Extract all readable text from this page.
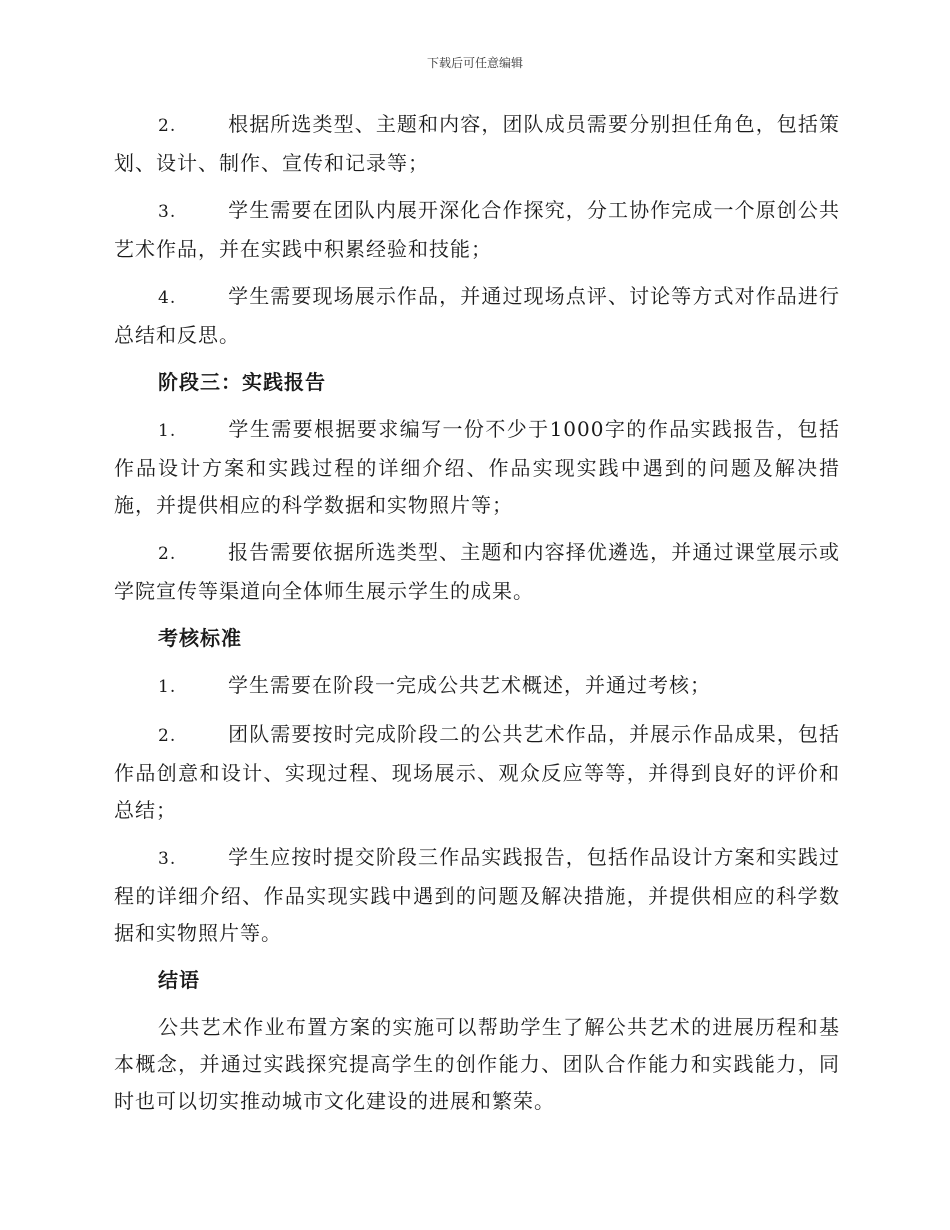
下载后可任意编辑

2.	根据所选类型、主题和内容，团队成员需要分别担任角色，包括策划、设计、制作、宣传和记录等；

3.	学生需要在团队内展开深化合作探究，分工协作完成一个原创公共艺术作品，并在实践中积累经验和技能；

4.	学生需要现场展示作品，并通过现场点评、讨论等方式对作品进行总结和反思。

阶段三：实践报告

1.	学生需要根据要求编写一份不少于1000字的作品实践报告，包括作品设计方案和实践过程的详细介绍、作品实现实践中遇到的问题及解决措施，并提供相应的科学数据和实物照片等；

2.	报告需要依据所选类型、主题和内容择优遴选，并通过课堂展示或学院宣传等渠道向全体师生展示学生的成果。

考核标准

1.	学生需要在阶段一完成公共艺术概述，并通过考核；

2.	团队需要按时完成阶段二的公共艺术作品，并展示作品成果，包括作品创意和设计、实现过程、现场展示、观众反应等等，并得到良好的评价和总结；

3.	学生应按时提交阶段三作品实践报告，包括作品设计方案和实践过程的详细介绍、作品实现实践中遇到的问题及解决措施，并提供相应的科学数据和实物照片等。

结语

公共艺术作业布置方案的实施可以帮助学生了解公共艺术的进展历程和基本概念，并通过实践探究提高学生的创作能力、团队合作能力和实践能力，同时也可以切实推动城市文化建设的进展和繁荣。
